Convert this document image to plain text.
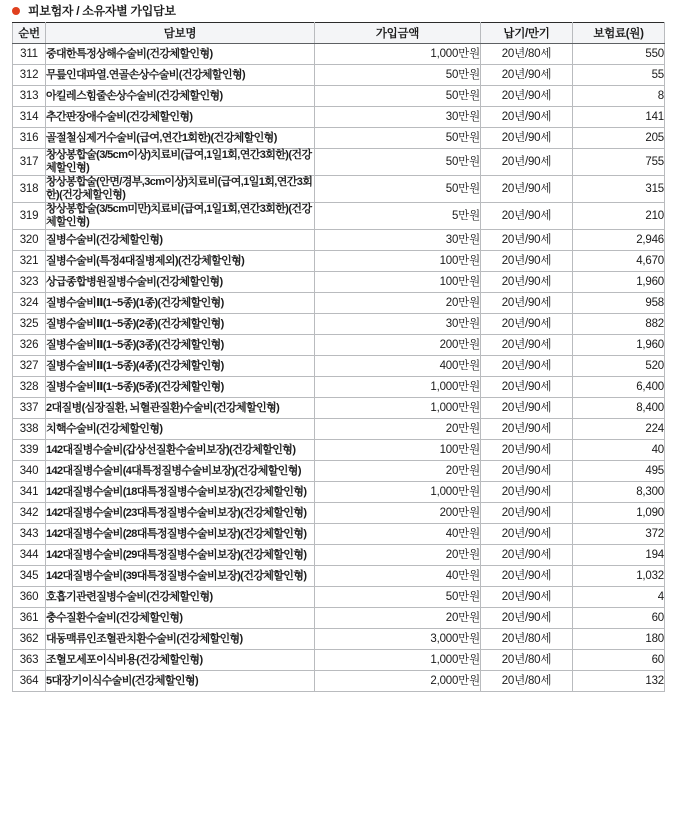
피보험자 / 소유자별 가입담보
순번	담보명	가입금액	납기/만기	보험료(원)
311	중대한특정상해수술비(건강체할인형)	1,000만원	20년/80세	550
312	무릎인대파열.연골손상수술비(건강체할인형)	50만원	20년/90세	55
313	아킬레스힘줄손상수술비(건강체할인형)	50만원	20년/90세	8
314	추간판장애수술비(건강체할인형)	30만원	20년/90세	141
316	골절철심제거수술비(급여,연간1회한)(건강체할인형)	50만원	20년/90세	205
317	창상봉합술(3/5cm이상)치료비(급여,1일1회,연간3회한)(건강체할인형)	50만원	20년/90세	755
318	창상봉합술(안면/경부,3cm이상)치료비(급여,1일1회,연간3회한)(건강체할인형)	50만원	20년/90세	315
319	창상봉합술(3/5cm미만)치료비(급여,1일1회,연간3회한)(건강체할인형)	5만원	20년/90세	210
320	질병수술비(건강체할인형)	30만원	20년/90세	2,946
321	질병수술비(특정4대질병제외)(건강체할인형)	100만원	20년/90세	4,670
323	상급종합병원질병수술비(건강체할인형)	100만원	20년/90세	1,960
324	질병수술비Ⅱ(1~5종)(1종)(건강체할인형)	20만원	20년/90세	958
325	질병수술비Ⅱ(1~5종)(2종)(건강체할인형)	30만원	20년/90세	882
326	질병수술비Ⅱ(1~5종)(3종)(건강체할인형)	200만원	20년/90세	1,960
327	질병수술비Ⅱ(1~5종)(4종)(건강체할인형)	400만원	20년/90세	520
328	질병수술비Ⅱ(1~5종)(5종)(건강체할인형)	1,000만원	20년/90세	6,400
337	2대질병(심장질환, 뇌혈관질환)수술비(건강체할인형)	1,000만원	20년/90세	8,400
338	치핵수술비(건강체할인형)	20만원	20년/90세	224
339	142대질병수술비(갑상선질환수술비보장)(건강체할인형)	100만원	20년/90세	40
340	142대질병수술비(4대특정질병수술비보장)(건강체할인형)	20만원	20년/90세	495
341	142대질병수술비(18대특정질병수술비보장)(건강체할인형)	1,000만원	20년/90세	8,300
342	142대질병수술비(23대특정질병수술비보장)(건강체할인형)	200만원	20년/90세	1,090
343	142대질병수술비(28대특정질병수술비보장)(건강체할인형)	40만원	20년/90세	372
344	142대질병수술비(29대특정질병수술비보장)(건강체할인형)	20만원	20년/90세	194
345	142대질병수술비(39대특정질병수술비보장)(건강체할인형)	40만원	20년/90세	1,032
360	호흡기관련질병수술비(건강체할인형)	50만원	20년/90세	4
361	충수질환수술비(건강체할인형)	20만원	20년/90세	60
362	대동맥류인조혈관치환수술비(건강체할인형)	3,000만원	20년/80세	180
363	조혈모세포이식비용(건강체할인형)	1,000만원	20년/80세	60
364	5대장기이식수술비(건강체할인형)	2,000만원	20년/80세	132
